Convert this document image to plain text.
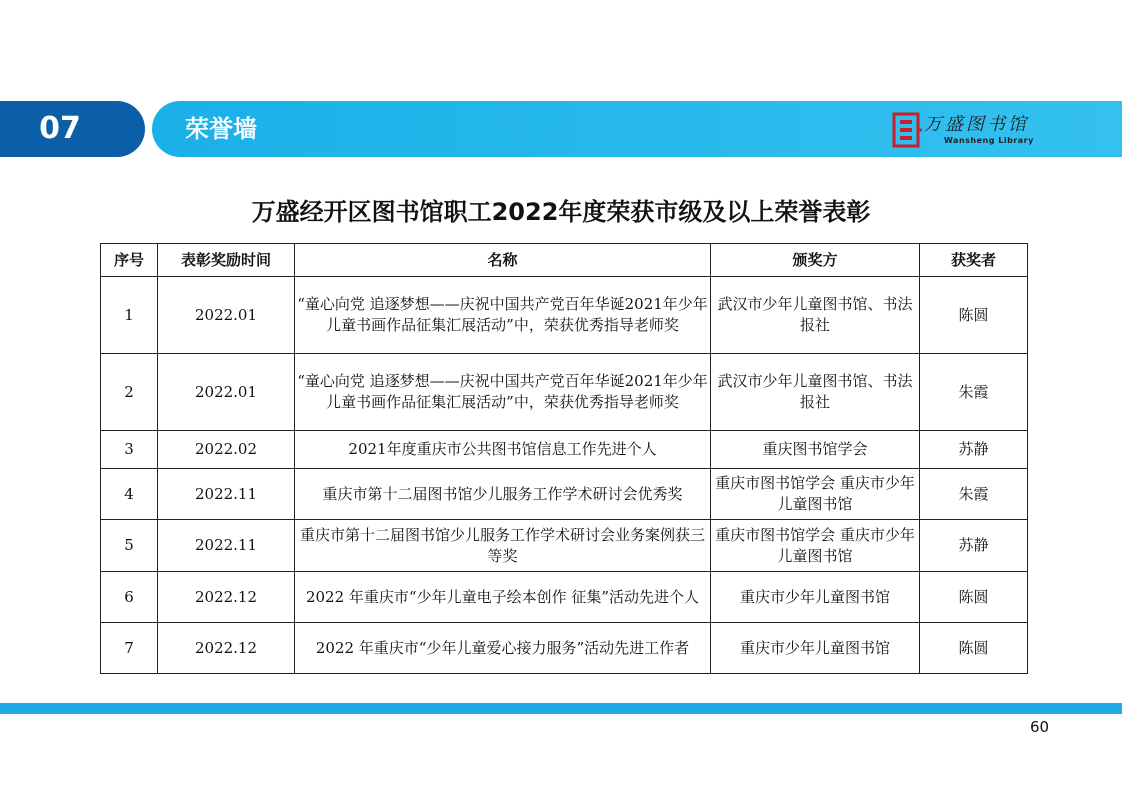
07	荣誉墙	万盛图书馆
Wansheng Library
万盛经开区图书馆职工2022年度荣获市级及以上荣誉表彰
序号	表彰奖励时间	名称	颁奖方	获奖者
1	2022.01	“童心向党 追逐梦想——庆祝中国共产党百年华诞2021年少年儿童书画作品征集汇展活动”中，荣获优秀指导老师奖	武汉市少年儿童图书馆、书法报社	陈圆
2	2022.01	“童心向党 追逐梦想——庆祝中国共产党百年华诞2021年少年儿童书画作品征集汇展活动”中，荣获优秀指导老师奖	武汉市少年儿童图书馆、书法报社	朱霞
3	2022.02	2021年度重庆市公共图书馆信息工作先进个人	重庆图书馆学会	苏静
4	2022.11	重庆市第十二届图书馆少儿服务工作学术研讨会优秀奖	重庆市图书馆学会 重庆市少年儿童图书馆	朱霞
5	2022.11	重庆市第十二届图书馆少儿服务工作学术研讨会业务案例获三等奖	重庆市图书馆学会 重庆市少年儿童图书馆	苏静
6	2022.12	2022 年重庆市“少年儿童电子绘本创作 征集”活动先进个人	重庆市少年儿童图书馆	陈圆
7	2022.12	2022 年重庆市“少年儿童爱心接力服务”活动先进工作者	重庆市少年儿童图书馆	陈圆
60
